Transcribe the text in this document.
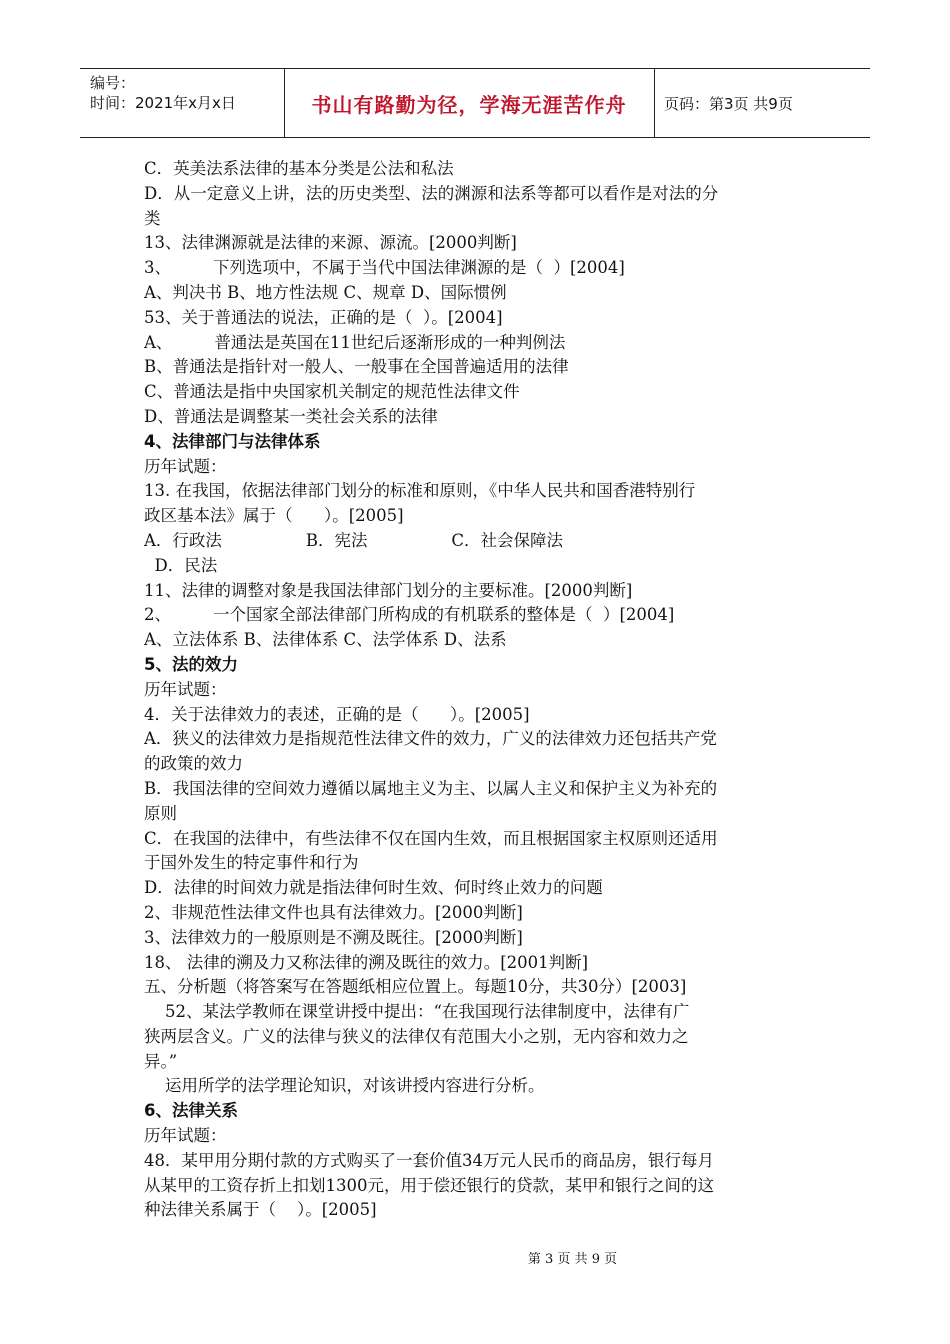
编号：
时间：2021年x月x日	书山有路勤为径，学海无涯苦作舟	页码：第3页 共9页
C．英美法系法律的基本分类是公法和私法
D．从一定意义上讲，法的历史类型、法的渊源和法系等都可以看作是对法的分
类
13、法律渊源就是法律的来源、源流。[2000判断]
3、        下列选项中，不属于当代中国法律渊源的是（  ）[2004]
A、判决书 B、地方性法规 C、规章 D、国际惯例
53、关于普通法的说法，正确的是（  ）。[2004]
A、        普通法是英国在11世纪后逐渐形成的一种判例法
B、普通法是指针对一般人、一般事在全国普遍适用的法律
C、普通法是指中央国家机关制定的规范性法律文件
D、普通法是调整某一类社会关系的法律
4、法律部门与法律体系
历年试题：
13. 在我国，依据法律部门划分的标准和原则，《中华人民共和国香港特别行
政区基本法》属于（      ）。[2005]
A．行政法                B．宪法                C．社会保障法
D．民法
11、法律的调整对象是我国法律部门划分的主要标准。[2000判断]
2、        一个国家全部法律部门所构成的有机联系的整体是（  ）[2004]
A、立法体系 B、法律体系 C、法学体系 D、法系
5、法的效力
历年试题：
4．关于法律效力的表述，正确的是（      ）。[2005]
A．狭义的法律效力是指规范性法律文件的效力，广义的法律效力还包括共产党
的政策的效力
B．我国法律的空间效力遵循以属地主义为主、以属人主义和保护主义为补充的
原则
C．在我国的法律中，有些法律不仅在国内生效，而且根据国家主权原则还适用
于国外发生的特定事件和行为
D．法律的时间效力就是指法律何时生效、何时终止效力的问题
2、非规范性法律文件也具有法律效力。[2000判断]
3、法律效力的一般原则是不溯及既往。[2000判断]
18、 法律的溯及力又称法律的溯及既往的效力。[2001判断]
五、分析题（将答案写在答题纸相应位置上。每题10分，共30分）[2003]
52、某法学教师在课堂讲授中提出：“在我国现行法律制度中，法律有广
狭两层含义。广义的法律与狭义的法律仅有范围大小之别，无内容和效力之
异。”
运用所学的法学理论知识，对该讲授内容进行分析。
6、法律关系
历年试题：
48．某甲用分期付款的方式购买了一套价值34万元人民币的商品房，银行每月
从某甲的工资存折上扣划1300元，用于偿还银行的贷款，某甲和银行之间的这
种法律关系属于（    ）。[2005]
第 3 页 共 9 页
